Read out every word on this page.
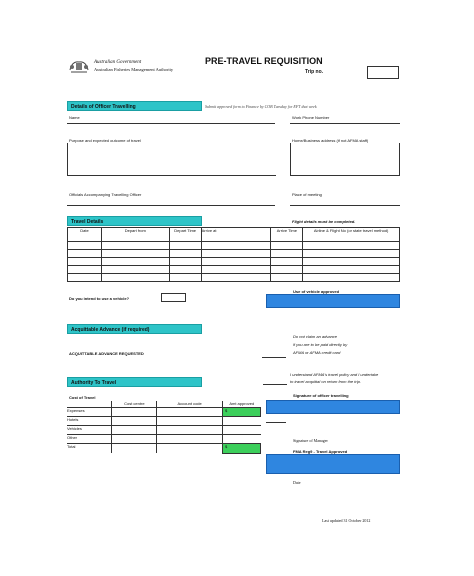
Australian Government
Australian Fisheries Management Authority
PRE-TRAVEL REQUISITION
Trip no.
Details of Officer Travelling	Submit approved form to Finance by COB Tuesday for EFT that week
Name	Work Phone Number
Purpose and expected outcome of travel	Home/Business address (if not AFMA staff)
Officials Accompanying Travelling Officer	Place of meeting
Travel Details	Flight details must be completed.
Date	Depart from	Depart Time	Arrive at	Arrive Time	Airline & Flight No (or state travel method)

Do you intend to use a vehicle?
Use of vehicle approved
Acquittable Advance (if required)
Do not claim an advance
if you are to be paid directly by
AFMA or AFMA credit card
ACQUITTABLE ADVANCE REQUESTED
Authority To Travel
I understand AFMA's travel policy and I undertake
to travel acquittal on return from the trip.
Cost of Travel
	Cost centre	Account code	Amt approved
Expenses			$
Hotels			
Vehicles			
Other			
Total			$
Signature of officer travelling
Signature of Manager
FMA Reg9 - Travel Approved
Date
Last updated 31 October 2012
